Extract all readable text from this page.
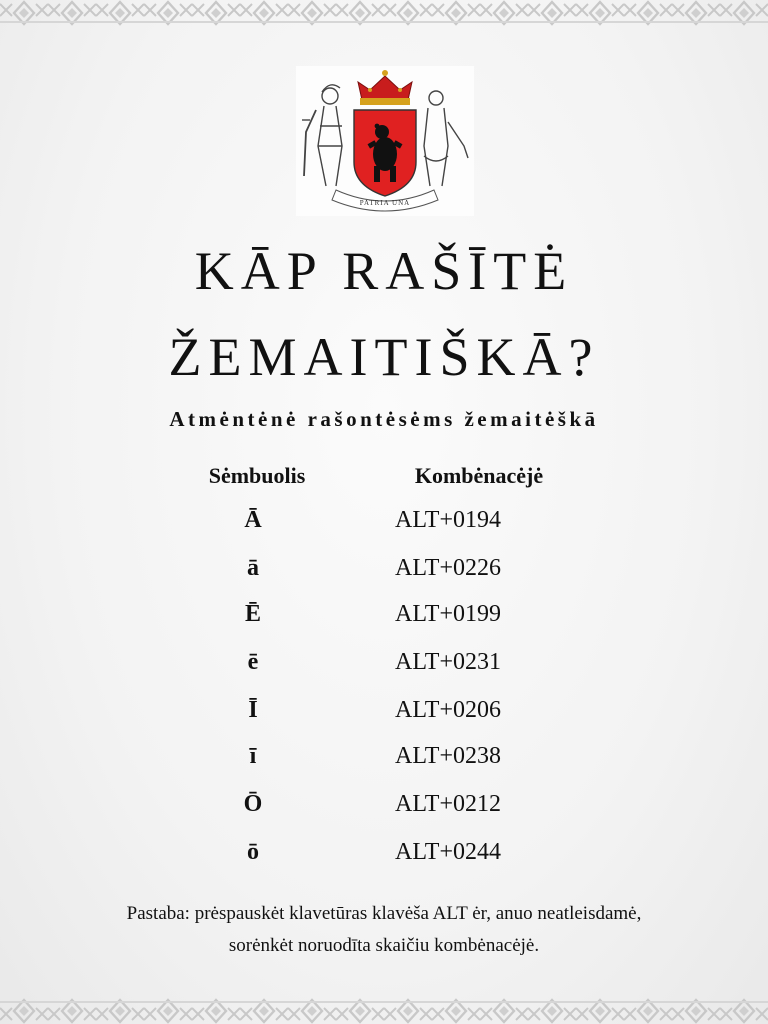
PATRIA UNA
KĀP RAŠĪTĖ
ŽEMAITIŠKĀ?
Atmėntėnė rašontėsėms žemaitėškā
Sėmbuolis	Kombėnacėjė
Ā	ALT+0194
ā	ALT+0226
Ē	ALT+0199
ē	ALT+0231
Ī	ALT+0206
ī	ALT+0238
Ō	ALT+0212
ō	ALT+0244
Pastaba: prėspauskėt klavetūras klavėša ALT ėr, anuo neatleisdamė,
sorėnkėt noruodīta skaičiu kombėnacėjė.
